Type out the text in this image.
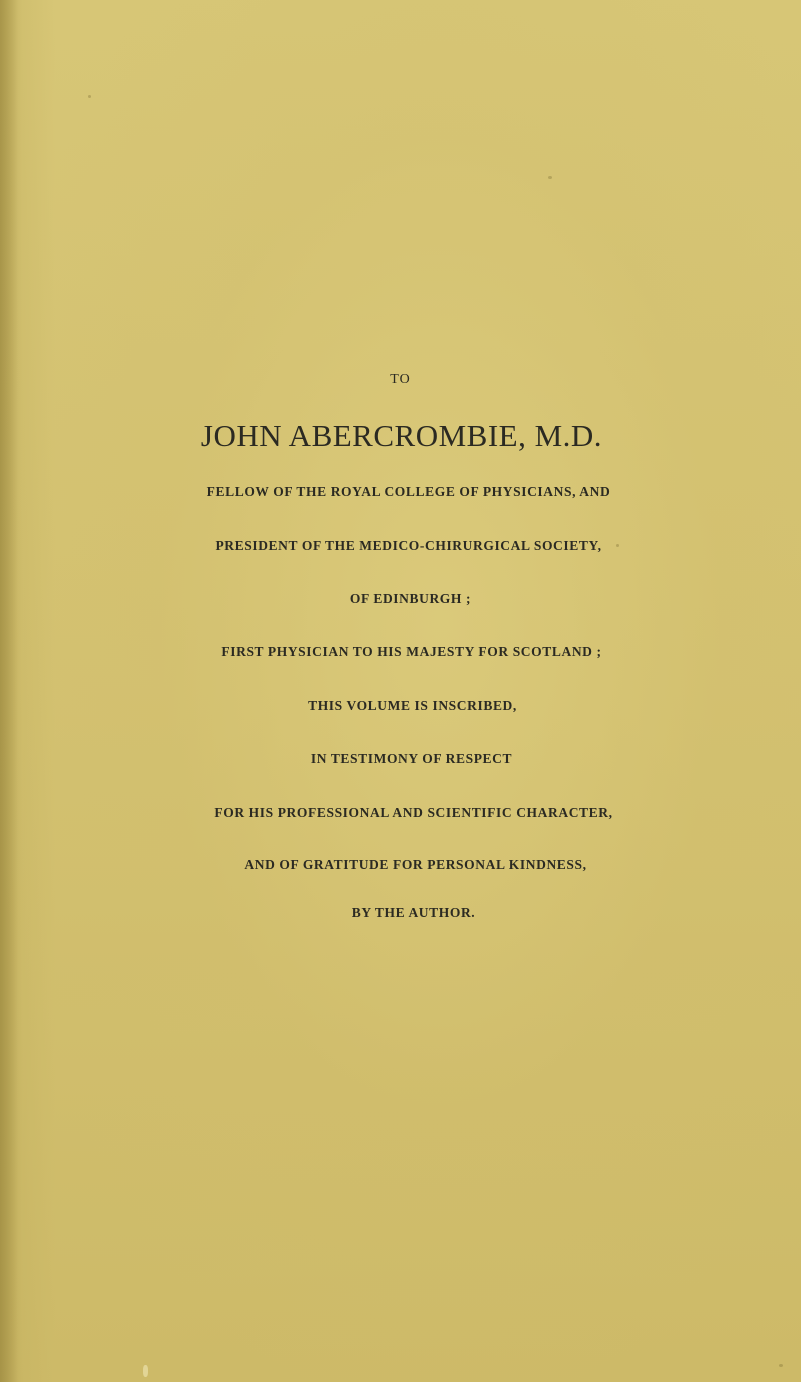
TO
JOHN ABERCROMBIE, M.D.
FELLOW OF THE ROYAL COLLEGE OF PHYSICIANS, AND
PRESIDENT OF THE MEDICO-CHIRURGICAL SOCIETY,
OF EDINBURGH ;
FIRST PHYSICIAN TO HIS MAJESTY FOR SCOTLAND ;
THIS VOLUME IS INSCRIBED,
IN TESTIMONY OF RESPECT
FOR HIS PROFESSIONAL AND SCIENTIFIC CHARACTER,
AND OF GRATITUDE FOR PERSONAL KINDNESS,
BY THE AUTHOR.
